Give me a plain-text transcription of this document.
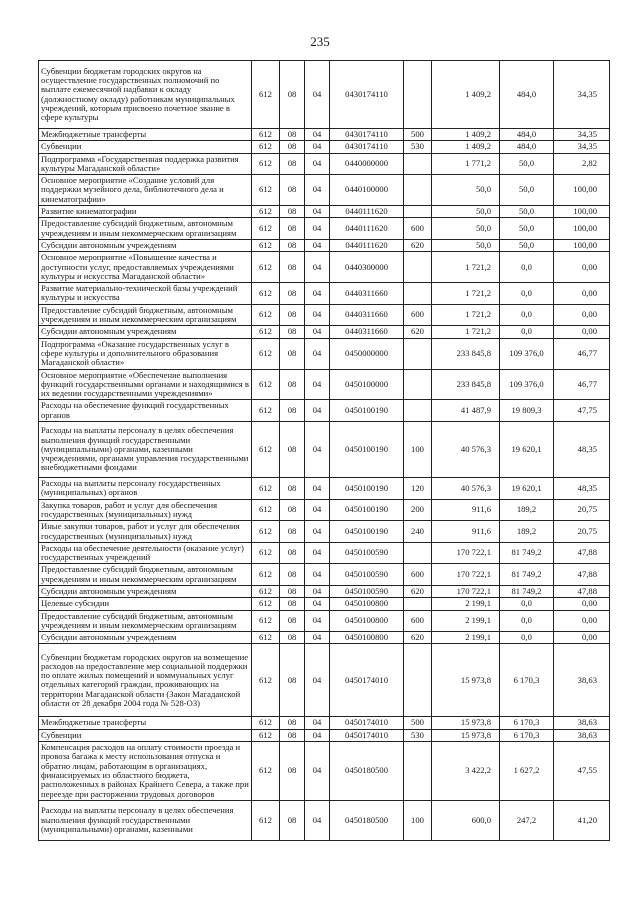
235
Субвенции бюджетам городских округов на осуществление государственных полномочий по выплате ежемесячной надбавки к окладу (должностному окладу) работникам муниципальных учреждений, которым присвоено почетное звание в сфере культуры	612	08	04	0430174110		1 409,2	484,0	34,35
Межбюджетные трансферты	612	08	04	0430174110	500	1 409,2	484,0	34,35
Субвенции	612	08	04	0430174110	530	1 409,2	484,0	34,35
Подпрограмма «Государственная поддержка развития культуры Магаданской области»	612	08	04	0440000000		1 771,2	50,0	2,82
Основное мероприятие «Создание условий для поддержки музейного дела, библиотечного дела и кинематографии»	612	08	04	0440100000		50,0	50,0	100,00
Развитие кинематографии	612	08	04	0440111620		50,0	50,0	100,00
Предоставление субсидий бюджетным, автономным учреждениям и иным некоммерческим организациям	612	08	04	0440111620	600	50,0	50,0	100,00
Субсидии автономным учреждениям	612	08	04	0440111620	620	50,0	50,0	100,00
Основное мероприятие «Повышение качества и доступности услуг, предоставляемых учреждениями культуры и искусства Магаданской области»	612	08	04	0440300000		1 721,2	0,0	0,00
Развитие материально-технической базы учреждений культуры и искусства	612	08	04	0440311660		1 721,2	0,0	0,00
Предоставление субсидий бюджетным, автономным учреждениям и иным некоммерческим организациям	612	08	04	0440311660	600	1 721,2	0,0	0,00
Субсидии автономным учреждениям	612	08	04	0440311660	620	1 721,2	0,0	0,00
Подпрограмма «Оказание государственных услуг в сфере культуры и дополнительного образования Магаданской области»	612	08	04	0450000000		233 845,8	109 376,0	46,77
Основное мероприятие «Обеспечение выполнения функций государственными органами и находящимися в их ведении государственными учреждениями»	612	08	04	0450100000		233 845,8	109 376,0	46,77
Расходы на обеспечение функций государственных органов	612	08	04	0450100190		41 487,9	19 809,3	47,75
Расходы на выплаты персоналу в целях обеспечения выполнения функций государственными (муниципальными) органами, казенными учреждениями, органами управления государственными внебюджетными фондами	612	08	04	0450100190	100	40 576,3	19 620,1	48,35
Расходы на выплаты персоналу государственных (муниципальных) органов	612	08	04	0450100190	120	40 576,3	19 620,1	48,35
Закупка товаров, работ и услуг для обеспечения государственных (муниципальных) нужд	612	08	04	0450100190	200	911,6	189,2	20,75
Иные закупки товаров, работ и услуг для обеспечения государственных (муниципальных) нужд	612	08	04	0450100190	240	911,6	189,2	20,75
Расходы на обеспечение деятельности (оказание услуг) государственных учреждений	612	08	04	0450100590		170 722,1	81 749,2	47,88
Предоставление субсидий бюджетным, автономным учреждениям и иным некоммерческим организациям	612	08	04	0450100590	600	170 722,1	81 749,2	47,88
Субсидии автономным учреждениям	612	08	04	0450100590	620	170 722,1	81 749,2	47,88
Целевые субсидии	612	08	04	0450100800		2 199,1	0,0	0,00
Предоставление субсидий бюджетным, автономным учреждениям и иным некоммерческим организациям	612	08	04	0450100800	600	2 199,1	0,0	0,00
Субсидии автономным учреждениям	612	08	04	0450100800	620	2 199,1	0,0	0,00
Субвенции бюджетам городских округов на возмещение расходов на предоставление мер социальной поддержки по оплате жилых помещений и коммунальных услуг отдельных категорий граждан, проживающих на территории Магаданской области (Закон Магаданской области от 28 декабря 2004 года № 528-ОЗ)	612	08	04	0450174010		15 973,8	6 170,3	38,63
Межбюджетные трансферты	612	08	04	0450174010	500	15 973,8	6 170,3	38,63
Субвенции	612	08	04	0450174010	530	15 973,8	6 170,3	38,63
Компенсация расходов на оплату стоимости проезда и провоза багажа к месту использования отпуска и обратно лицам, работающим в организациях, финансируемых из областного бюджета, расположенных в районах Крайнего Севера, а также при переезде при расторжении трудовых договоров	612	08	04	0450180500		3 422,2	1 627,2	47,55
Расходы на выплаты персоналу в целях обеспечения выполнения функций государственными (муниципальными) органами, казенными	612	08	04	0450180500	100	600,0	247,2	41,20
